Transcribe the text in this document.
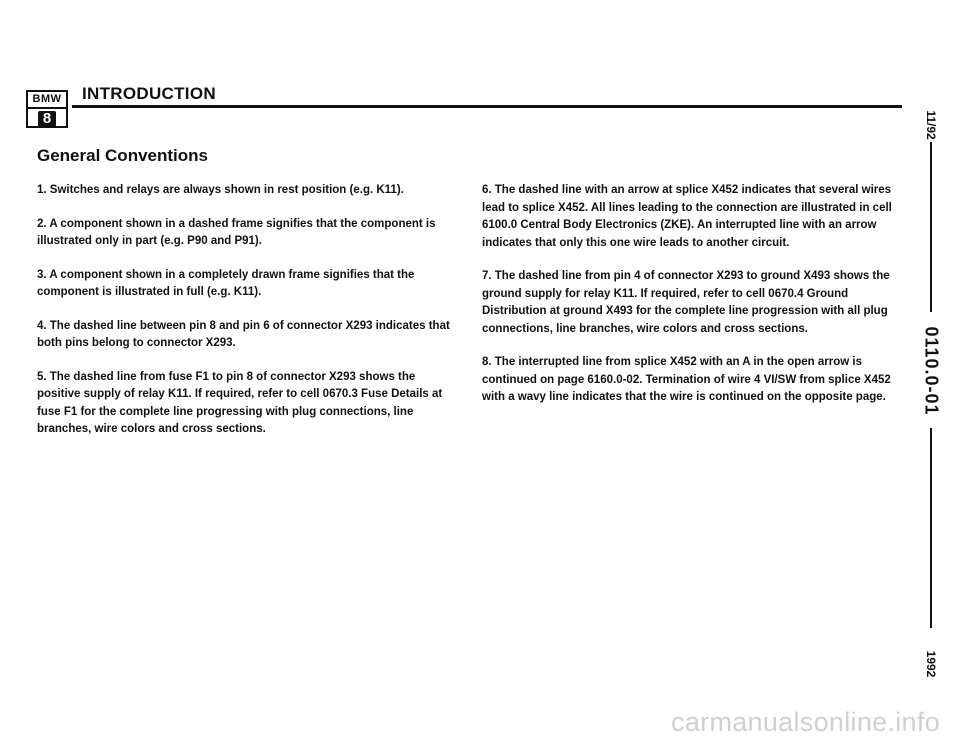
BMW
8
INTRODUCTION
General Conventions

1. Switches and relays are always shown in rest position (e.g. K11).

2. A component shown in a dashed frame signifies that the component is illustrated only in part (e.g. P90 and P91).

3. A component shown in a completely drawn frame signifies that the component is illustrated in full (e.g. K11).

4. The dashed line between pin 8 and pin 6 of connector X293 indicates that both pins belong to connector X293.

5. The dashed line from fuse F1 to pin 8 of connector X293 shows the positive supply of relay K11. If required, refer to cell 0670.3 Fuse Details at fuse F1 for the complete line progressing with plug connections, line branches, wire colors and cross sections.

6. The dashed line with an arrow at splice X452 indicates that several wires lead to splice X452. All lines leading to the connection are illustrated in cell 6100.0 Central Body Electronics (ZKE). An interrupted line with an arrow indicates that only this one wire leads to another circuit.

7. The dashed line from pin 4 of connector X293 to ground X493 shows the ground supply for relay K11. If required, refer to cell 0670.4 Ground Distribution at ground X493 for the complete line progression with all plug connections, line branches, wire colors and cross sections.

8. The interrupted line from splice X452 with an A in the open arrow is continued on page 6160.0-02. Termination of wire 4 VI/SW from splice X452 with a wavy line indicates that the wire is continued on the opposite page.

11/92
0110.0-01
1992
carmanualsonline.info
